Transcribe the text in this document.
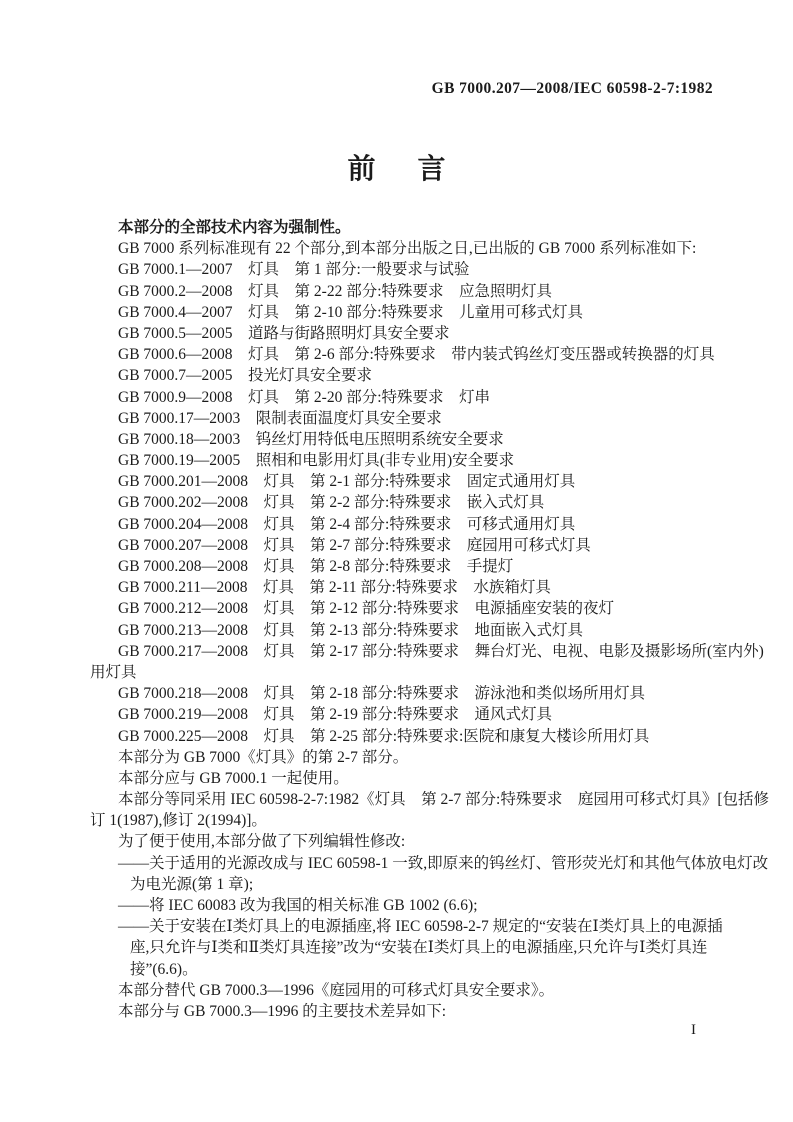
GB 7000.207—2008/IEC 60598-2-7:1982
前言
本部分的全部技术内容为强制性。
GB 7000 系列标准现有 22 个部分,到本部分出版之日,已出版的 GB 7000 系列标准如下:
GB 7000.1—2007　灯具　第 1 部分:一般要求与试验
GB 7000.2—2008　灯具　第 2-22 部分:特殊要求　应急照明灯具
GB 7000.4—2007　灯具　第 2-10 部分:特殊要求　儿童用可移式灯具
GB 7000.5—2005　道路与街路照明灯具安全要求
GB 7000.6—2008　灯具　第 2-6 部分:特殊要求　带内装式钨丝灯变压器或转换器的灯具
GB 7000.7—2005　投光灯具安全要求
GB 7000.9—2008　灯具　第 2-20 部分:特殊要求　灯串
GB 7000.17—2003　限制表面温度灯具安全要求
GB 7000.18—2003　钨丝灯用特低电压照明系统安全要求
GB 7000.19—2005　照相和电影用灯具(非专业用)安全要求
GB 7000.201—2008　灯具　第 2-1 部分:特殊要求　固定式通用灯具
GB 7000.202—2008　灯具　第 2-2 部分:特殊要求　嵌入式灯具
GB 7000.204—2008　灯具　第 2-4 部分:特殊要求　可移式通用灯具
GB 7000.207—2008　灯具　第 2-7 部分:特殊要求　庭园用可移式灯具
GB 7000.208—2008　灯具　第 2-8 部分:特殊要求　手提灯
GB 7000.211—2008　灯具　第 2-11 部分:特殊要求　水族箱灯具
GB 7000.212—2008　灯具　第 2-12 部分:特殊要求　电源插座安装的夜灯
GB 7000.213—2008　灯具　第 2-13 部分:特殊要求　地面嵌入式灯具
GB 7000.217—2008　灯具　第 2-17 部分:特殊要求　舞台灯光、电视、电影及摄影场所(室内外)
用灯具
GB 7000.218—2008　灯具　第 2-18 部分:特殊要求　游泳池和类似场所用灯具
GB 7000.219—2008　灯具　第 2-19 部分:特殊要求　通风式灯具
GB 7000.225—2008　灯具　第 2-25 部分:特殊要求:医院和康复大楼诊所用灯具
本部分为 GB 7000《灯具》的第 2-7 部分。
本部分应与 GB 7000.1 一起使用。
本部分等同采用 IEC 60598-2-7:1982《灯具　第 2-7 部分:特殊要求　庭园用可移式灯具》[包括修
订 1(1987),修订 2(1994)]。
为了便于使用,本部分做了下列编辑性修改:
——关于适用的光源改成与 IEC 60598-1 一致,即原来的钨丝灯、管形荧光灯和其他气体放电灯改
为电光源(第 1 章);
——将 IEC 60083 改为我国的相关标准 GB 1002 (6.6);
——关于安装在Ⅰ类灯具上的电源插座,将 IEC 60598-2-7 规定的“安装在Ⅰ类灯具上的电源插
座,只允许与Ⅰ类和Ⅱ类灯具连接”改为“安装在Ⅰ类灯具上的电源插座,只允许与Ⅰ类灯具连
接”(6.6)。
本部分替代 GB 7000.3—1996《庭园用的可移式灯具安全要求》。
本部分与 GB 7000.3—1996 的主要技术差异如下:
I
